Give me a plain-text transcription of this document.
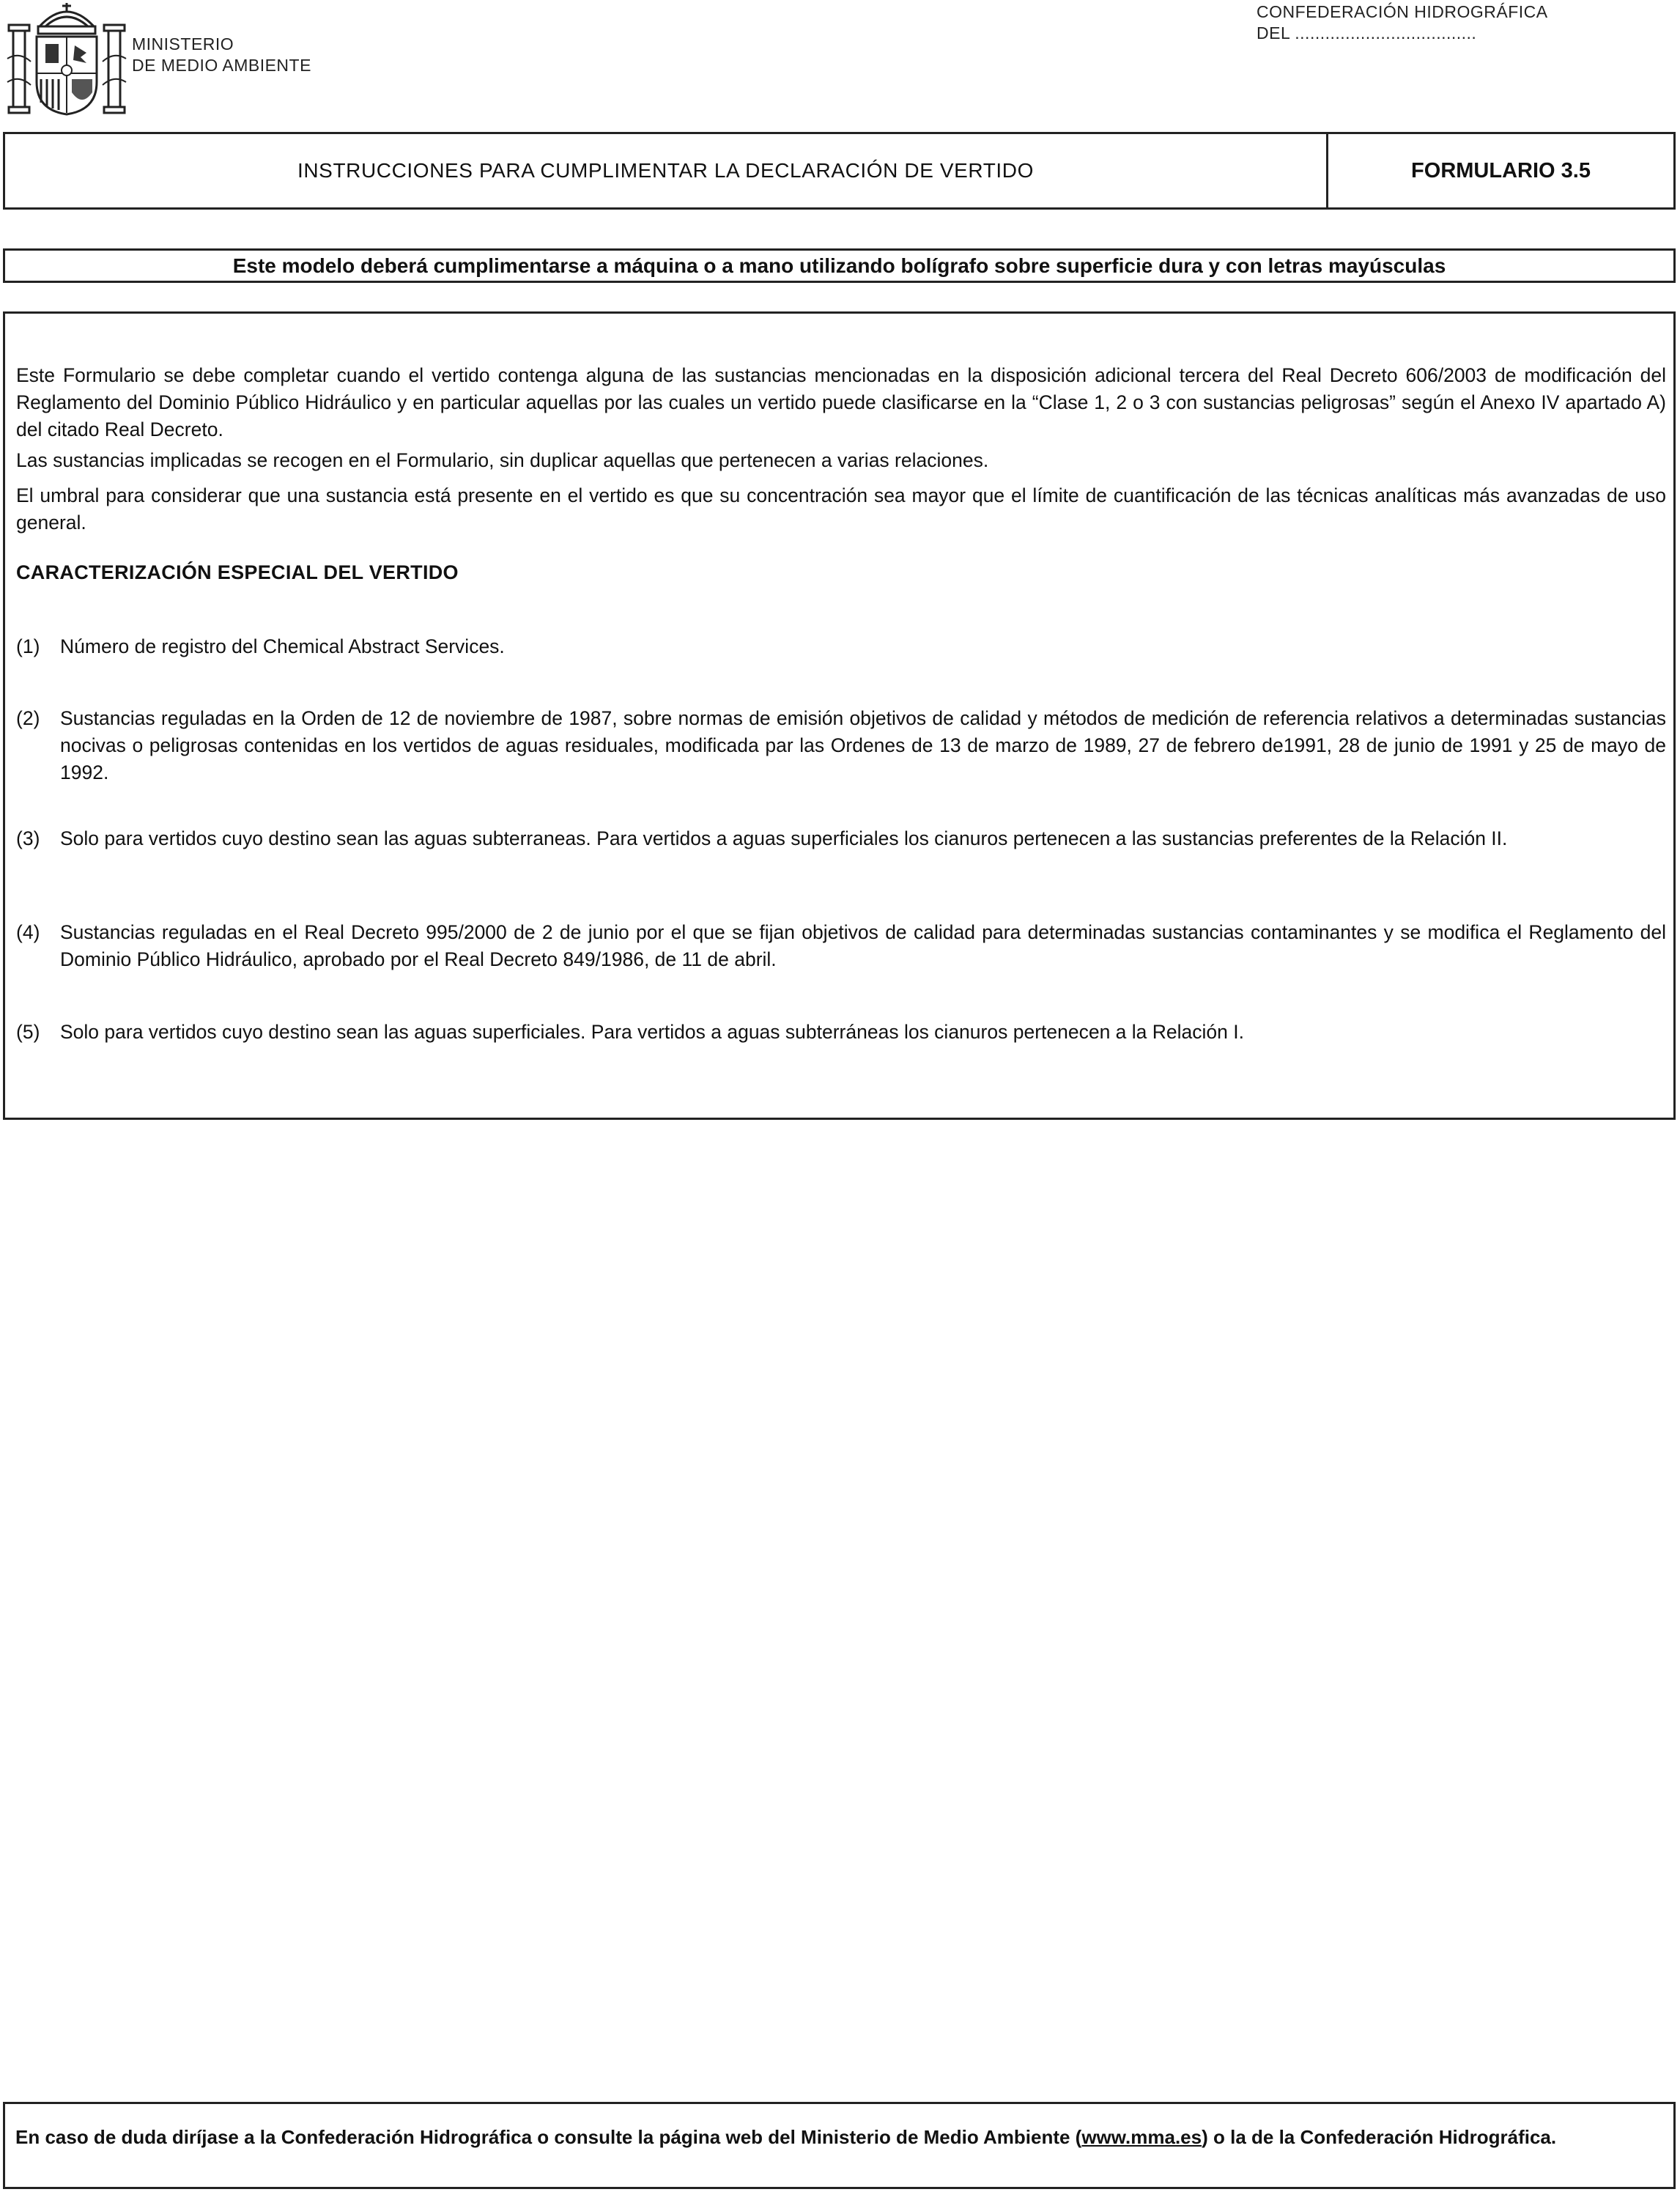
MINISTERIO
DE MEDIO AMBIENTE
CONFEDERACIÓN HIDROGRÁFICA
DEL ....................................
INSTRUCCIONES PARA CUMPLIMENTAR LA DECLARACIÓN DE VERTIDO	FORMULARIO 3.5
Este modelo deberá cumplimentarse a máquina o a mano utilizando bolígrafo sobre superficie dura y con letras mayúsculas
Este Formulario se debe completar cuando el vertido contenga alguna de las sustancias mencionadas en la disposición adicional tercera del Real Decreto 606/2003 de modificación del Reglamento del Dominio Público Hidráulico y en particular aquellas por las cuales un vertido puede clasificarse en la “Clase 1, 2 o 3 con sustancias peligrosas” según el Anexo IV apartado A) del citado Real Decreto.
Las sustancias implicadas se recogen en el Formulario, sin duplicar aquellas que pertenecen a varias relaciones.
El umbral para considerar que una sustancia está presente en el vertido es que su concentración sea mayor que el límite de cuantificación de las técnicas analíticas más avanzadas de uso general.
CARACTERIZACIÓN ESPECIAL DEL VERTIDO
(1)	Número de registro del Chemical Abstract Services.
(2)	Sustancias reguladas en la Orden de 12 de noviembre de 1987, sobre normas de emisión objetivos de calidad y métodos de medición de referencia relativos a determinadas sustancias nocivas o peligrosas contenidas en los vertidos de aguas residuales, modificada par las Ordenes de 13 de marzo de 1989, 27 de febrero de1991, 28 de junio de 1991 y 25 de mayo de 1992.
(3)	Solo para vertidos cuyo destino sean las aguas subterraneas. Para vertidos a aguas superficiales los cianuros pertenecen a las sustancias preferentes de la Relación II.
(4)	Sustancias reguladas en el Real Decreto 995/2000 de 2 de junio por el que se fijan objetivos de calidad para determinadas sustancias contaminantes y se modifica el Reglamento del Dominio Público Hidráulico, aprobado por el Real Decreto 849/1986, de 11 de abril.
(5)	Solo para vertidos cuyo destino sean las aguas superficiales. Para vertidos a aguas subterráneas los cianuros pertenecen a la Relación I.
En caso de duda diríjase a la Confederación Hidrográfica o consulte la página web del Ministerio de Medio Ambiente (www.mma.es) o la de la Confederación Hidrográfica.
